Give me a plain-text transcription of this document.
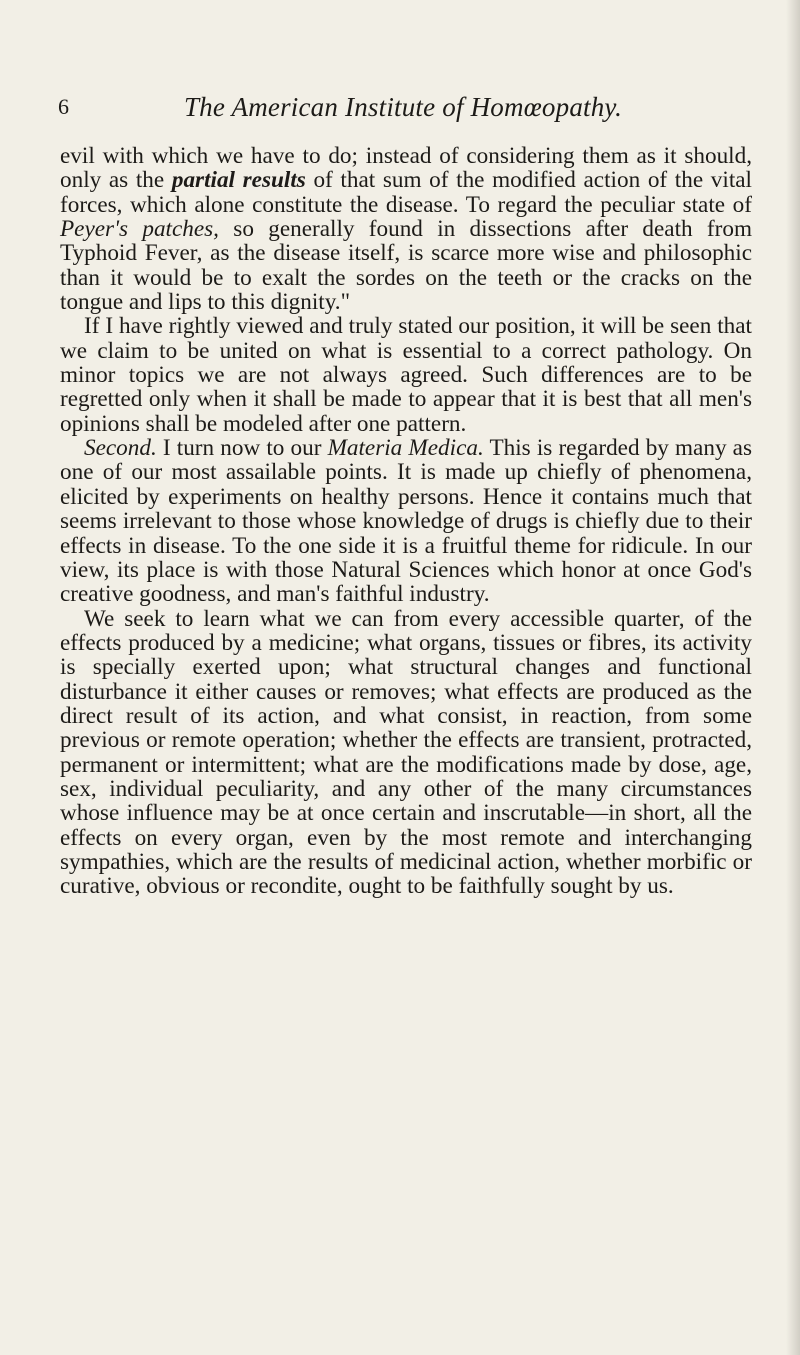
6	The American Institute of Homœopathy.

evil with which we have to do; instead of considering them as it should, only as the partial results of that sum of the modified action of the vital forces, which alone constitute the disease. To regard the peculiar state of Peyer's patches, so generally found in dissections after death from Typhoid Fever, as the disease itself, is scarce more wise and philosophic than it would be to exalt the sordes on the teeth or the cracks on the tongue and lips to this dignity."

If I have rightly viewed and truly stated our position, it will be seen that we claim to be united on what is essential to a correct pathology. On minor topics we are not always agreed. Such differences are to be regretted only when it shall be made to appear that it is best that all men's opinions shall be modeled after one pattern.

Second. I turn now to our Materia Medica. This is regarded by many as one of our most assailable points. It is made up chiefly of phenomena, elicited by experiments on healthy persons. Hence it contains much that seems irrelevant to those whose knowledge of drugs is chiefly due to their effects in disease. To the one side it is a fruitful theme for ridicule. In our view, its place is with those Natural Sciences which honor at once God's creative goodness, and man's faithful industry.

We seek to learn what we can from every accessible quarter, of the effects produced by a medicine; what organs, tissues or fibres, its activity is specially exerted upon; what structural changes and functional disturbance it either causes or removes; what effects are produced as the direct result of its action, and what consist, in reaction, from some previous or remote operation; whether the effects are transient, protracted, permanent or intermittent; what are the modifications made by dose, age, sex, individual peculiarity, and any other of the many circumstances whose influence may be at once certain and inscrutable—in short, all the effects on every organ, even by the most remote and interchanging sympathies, which are the results of medicinal action, whether morbific or curative, obvious or recondite, ought to be faithfully sought by us.
